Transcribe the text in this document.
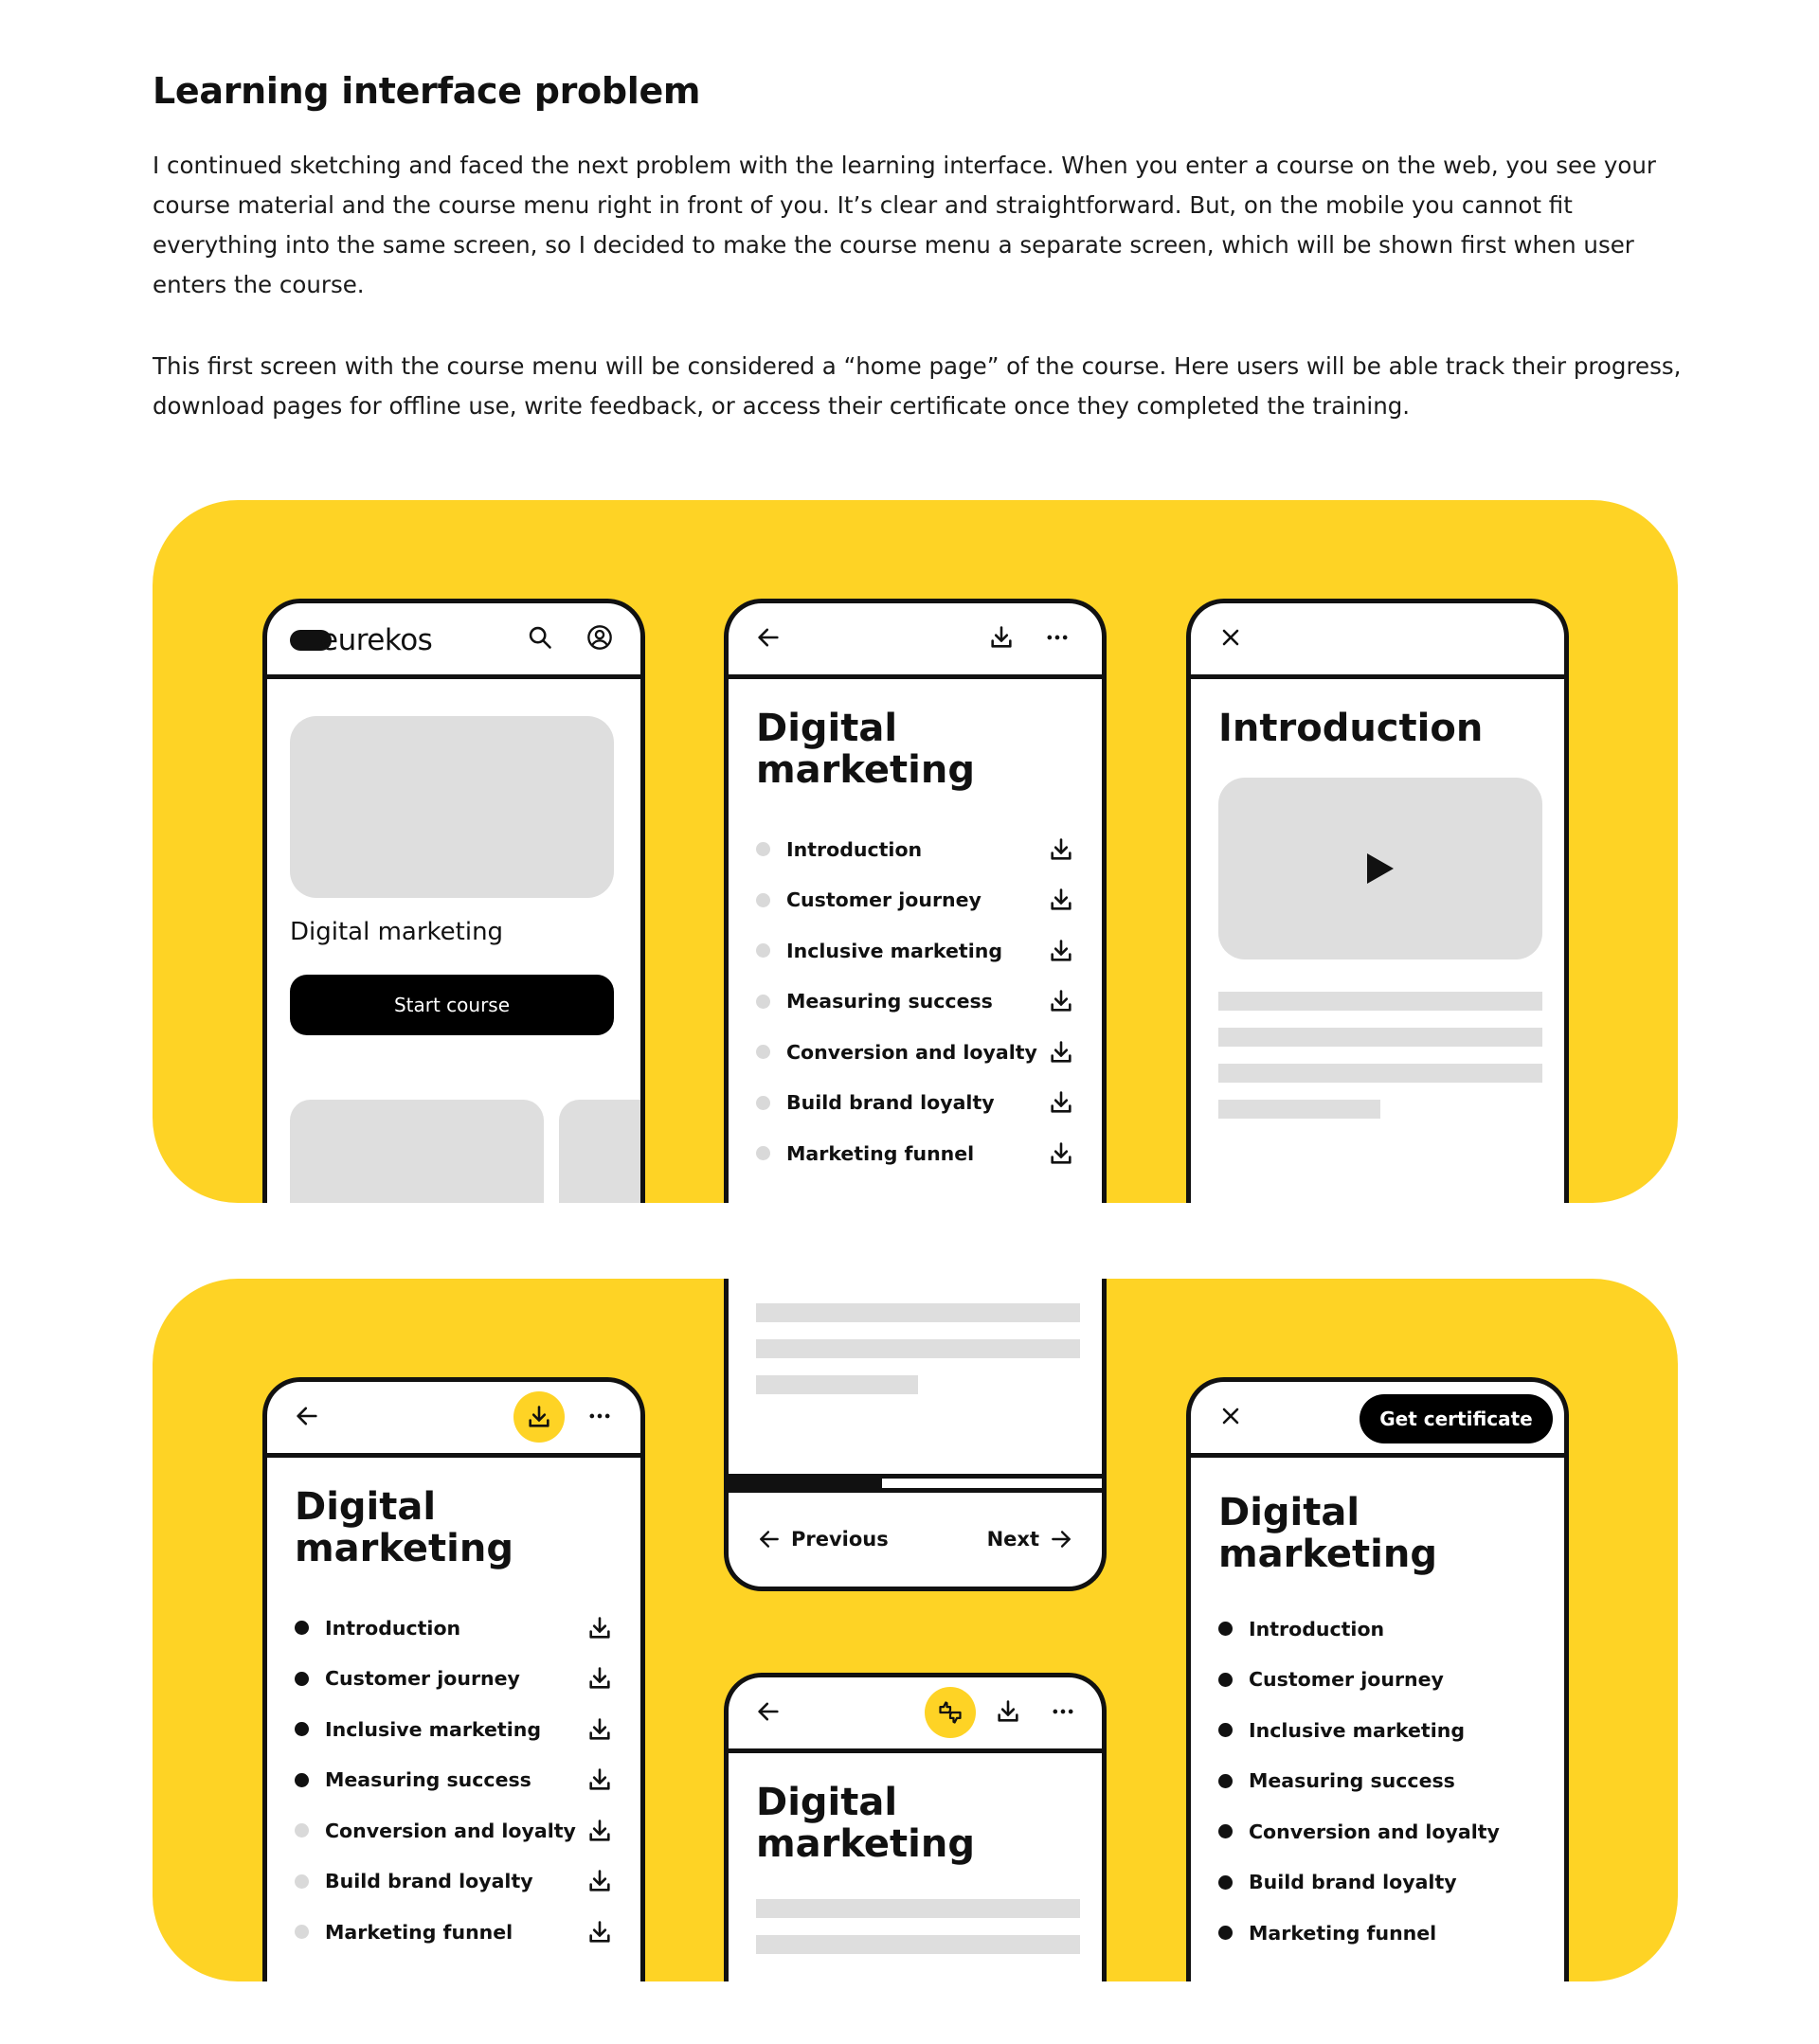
Learning interface problem

I continued sketching and faced the next problem with the learning interface. When you enter a course on the web, you see your course material and the course menu right in front of you. It’s clear and straightforward. But, on the mobile you cannot fit everything into the same screen, so I decided to make the course menu a separate screen, which will be shown first when user enters the course.

This first screen with the course menu will be considered a “home page” of the course. Here users will be able track their progress, download pages for offline use, write feedback, or access their certificate once they completed the training.

eurekos
Digital marketing
Start course
Digital
marketing
Introduction
Customer journey
Inclusive marketing
Measuring success
Conversion and loyalty
Build brand loyalty
Marketing funnel
Introduction
Digital
marketing
Introduction
Customer journey
Inclusive marketing
Measuring success
Conversion and loyalty
Build brand loyalty
Marketing funnel
Previous	Next
Digital
marketing
Get certificate
Digital
marketing
Introduction
Customer journey
Inclusive marketing
Measuring success
Conversion and loyalty
Build brand loyalty
Marketing funnel
